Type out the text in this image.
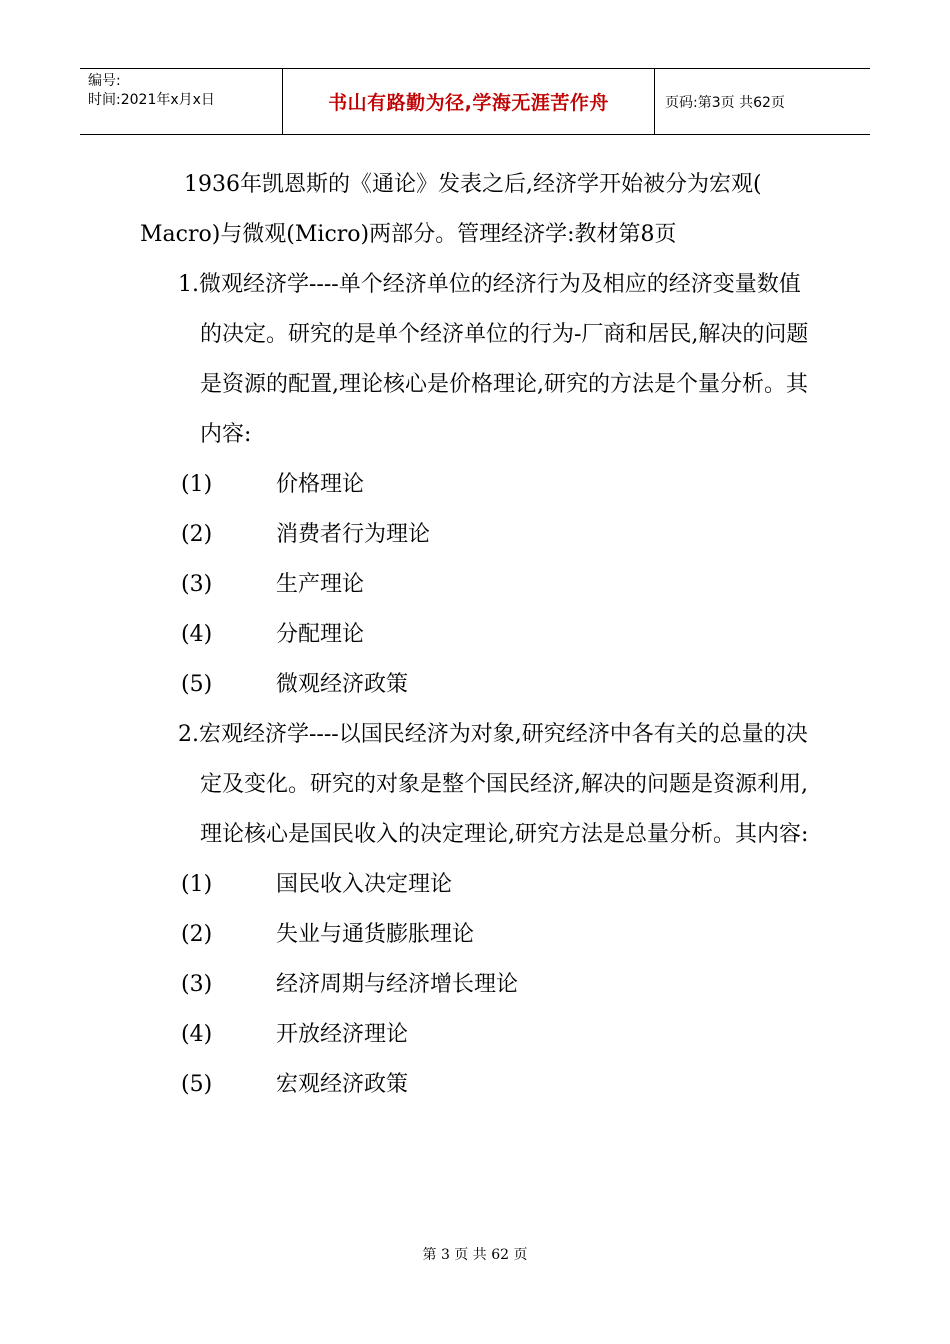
编号:
时间:2021年x月x日	书山有路勤为径,学海无涯苦作舟	页码:第3页 共62页

1936年凯恩斯的《通论》发表之后,经济学开始被分为宏观( Macro)与微观(Micro)两部分。管理经济学:教材第8页

1.微观经济学----单个经济单位的经济行为及相应的经济变量数值的决定。研究的是单个经济单位的行为-厂商和居民,解决的问题是资源的配置,理论核心是价格理论,研究的方法是个量分析。其内容:

(1)	价格理论
(2)	消费者行为理论
(3)	生产理论
(4)	分配理论
(5)	微观经济政策

2.宏观经济学----以国民经济为对象,研究经济中各有关的总量的决定及变化。研究的对象是整个国民经济,解决的问题是资源利用,理论核心是国民收入的决定理论,研究方法是总量分析。其内容:

(1)	国民收入决定理论
(2)	失业与通货膨胀理论
(3)	经济周期与经济增长理论
(4)	开放经济理论
(5)	宏观经济政策
第 3 页 共 62 页
